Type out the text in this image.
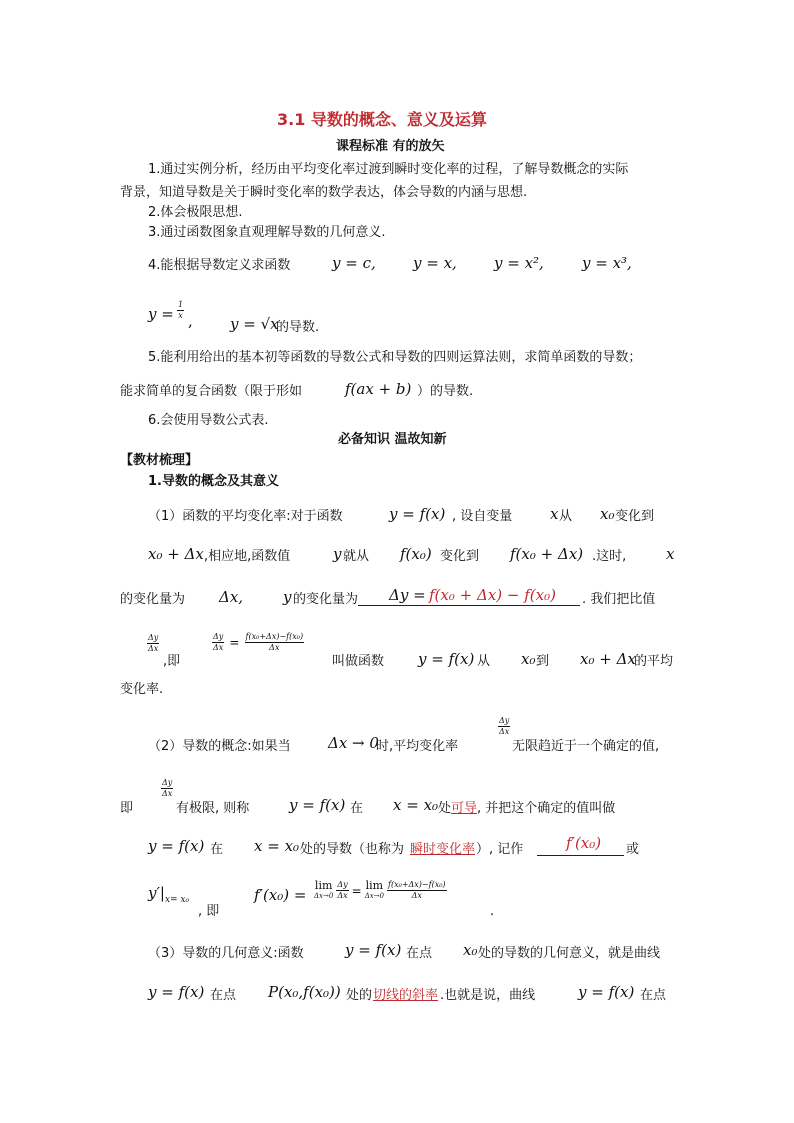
3.1 导数的概念、意义及运算
课程标准 有的放矢
1.通过实例分析，经历由平均变化率过渡到瞬时变化率的过程，了解导数概念的实际
背景，知道导数是关于瞬时变化率的数学表达，体会导数的内涵与思想.
2.体会极限思想.
3.通过函数图象直观理解导数的几何意义.
4.能根据导数定义求函数	y = c, y = x, y = x²,	y = x³,
$y = \frac{1}{x}$ , y = √x
的导数.
5.能利用给出的基本初等函数的导数公式和导数的四则运算法则，求简单函数的导数；
能求简单的复合函数（限于形如	f(ax + b) ）的导数.
6.会使用导数公式表.
必备知识 温故知新
【教材梳理】
1.导数的概念及其意义
（1）函数的平均变化率:对于函数	y = f(x) , 设自变量	x 从 x₀ 变化到
x₀ + Δx ,相应地,函数值	y 就从 f(x₀) 变化到 f(x₀ + Δx) .这时,	x
的变化量为 Δx,	y 的变化量为 Δy = f(x₀ + Δx) − f(x₀) . 我们把比值
$\frac{\Delta y}{\Delta x}$
,即
$\frac{\Delta y}{\Delta x} = \frac{\text{f(x₀+Δx)−f(x₀)}}{\Delta x}$
叫做函数 y = f(x) 从 x₀ 到 x₀ + Δx
的平均
变化率.
（2）导数的概念:如果当 Δx → 0
时,平均变化率
$\frac{\Delta y}{\Delta x}$
无限趋近于一个确定的值,
即
$\frac{\Delta y}{\Delta x}$
有极限, 则称	y = f(x) 在 x = x₀ 处 可导 , 并把这个确定的值叫做
y = f(x) 在 x = x₀ 处的导数（也称为 瞬时变化率 ）, 记作	f′(x₀) 或
$y'|_{x= x_0}$
, 即
f′(x₀) =
lim
$\Delta x\to 0 \frac{\Delta y}{\Delta x} = \lim$
$\Delta x\to 0 \frac{\text{f(x₀+Δx)−f(x₀)}}{\Delta x}$
.
（3）导数的几何意义:函数	y = f(x) 在点 x₀ 处的导数的几何意义，就是曲线
y = f(x) 在点 P(x₀,f(x₀)) 处的 切线的斜率 .也就是说，曲线	y = f(x) 在点
